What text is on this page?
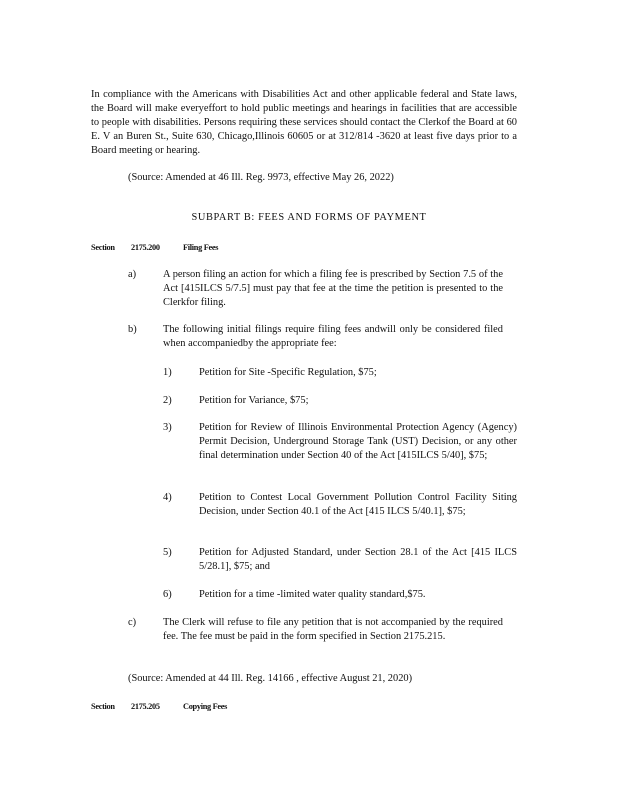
In compliance with the Americans with Disabilities Act and other applicable federal and State laws, the Board will make everyeffort to hold public meetings and hearings in facilities that are accessible to people with disabilities. Persons requiring these services should contact the Clerkof the Board at 60 E. V an Buren St., Suite 630, Chicago,Illinois 60605 or at 312/814 -3620 at least five days prior to a Board meeting or hearing.

(Source: Amended at 46 Ill. Reg. 9973, effective May 26, 2022)

SUBPART B: FEES AND FORMS OF PAYMENT

Section 2175.200	Filing Fees
a)	A person filing an action for which a filing fee is prescribed by Section 7.5 of the Act [415ILCS 5/7.5] must pay that fee at the time the petition is presented to the Clerkfor filing.

b)	The following initial filings require filing fees andwill only be considered filed when accompaniedby the appropriate fee:

1)	Petition for Site -Specific Regulation, $75;

2)	Petition for Variance, $75;

3)	Petition for Review of Illinois Environmental Protection Agency (Agency) Permit Decision, Underground Storage Tank (UST) Decision, or any other final determination under Section 40 of the Act [415ILCS 5/40], $75;

4)	Petition to Contest Local Government Pollution Control Facility Siting Decision, under Section 40.1 of the Act [415 ILCS 5/40.1], $75;

5)	Petition for Adjusted Standard, under Section 28.1 of the Act [415 ILCS 5/28.1], $75; and

6)	Petition for a time -limited water quality standard,$75.

c)	The Clerk will refuse to file any petition that is not accompanied by the required fee. The fee must be paid in the form specified in Section 2175.215.

(Source: Amended at 44 Ill. Reg. 14166 , effective August 21, 2020)

Section 2175.205	Copying Fees
